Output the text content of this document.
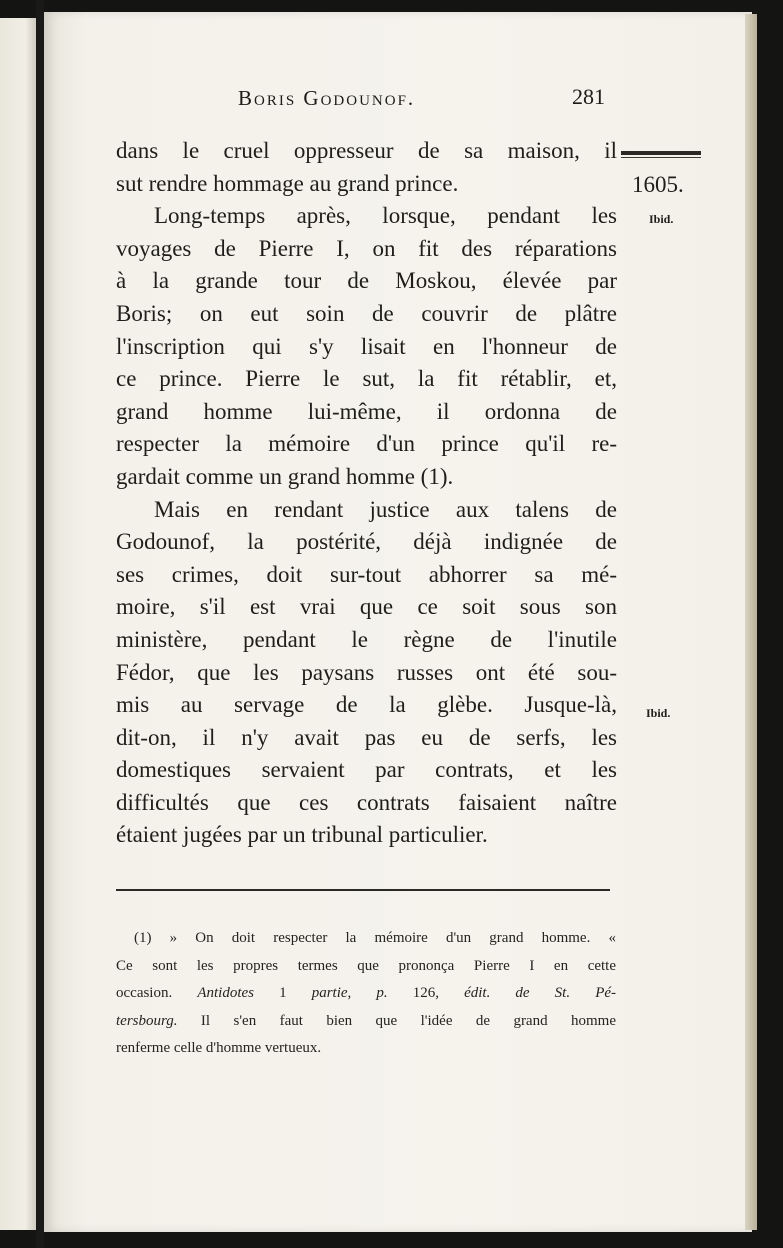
Boris Godounof.	281
dans le cruel oppresseur de sa maison, il
sut rendre hommage au grand prince.
Long-temps après, lorsque, pendant les
voyages de Pierre I, on fit des réparations
à la grande tour de Moskou, élevée par
Boris; on eut soin de couvrir de plâtre
l'inscription qui s'y lisait en l'honneur de
ce prince. Pierre le sut, la fit rétablir, et,
grand homme lui-même, il ordonna de
respecter la mémoire d'un prince qu'il re-
gardait comme un grand homme (1).
Mais en rendant justice aux talens de
Godounof, la postérité, déjà indignée de
ses crimes, doit sur-tout abhorrer sa mé-
moire, s'il est vrai que ce soit sous son
ministère, pendant le règne de l'inutile
Fédor, que les paysans russes ont été sou-
mis au servage de la glèbe. Jusque-là,
dit-on, il n'y avait pas eu de serfs, les
domestiques servaient par contrats, et les
difficultés que ces contrats faisaient naître
étaient jugées par un tribunal particulier.
1605.
Ibid.
Ibid.
(1) » On doit respecter la mémoire d'un grand homme. «
Ce sont les propres termes que prononça Pierre I en cette
occasion. Antidotes 1 partie, p. 126, édit. de St. Pé-
tersbourg. Il s'en faut bien que l'idée de grand homme
renferme celle d'homme vertueux.
